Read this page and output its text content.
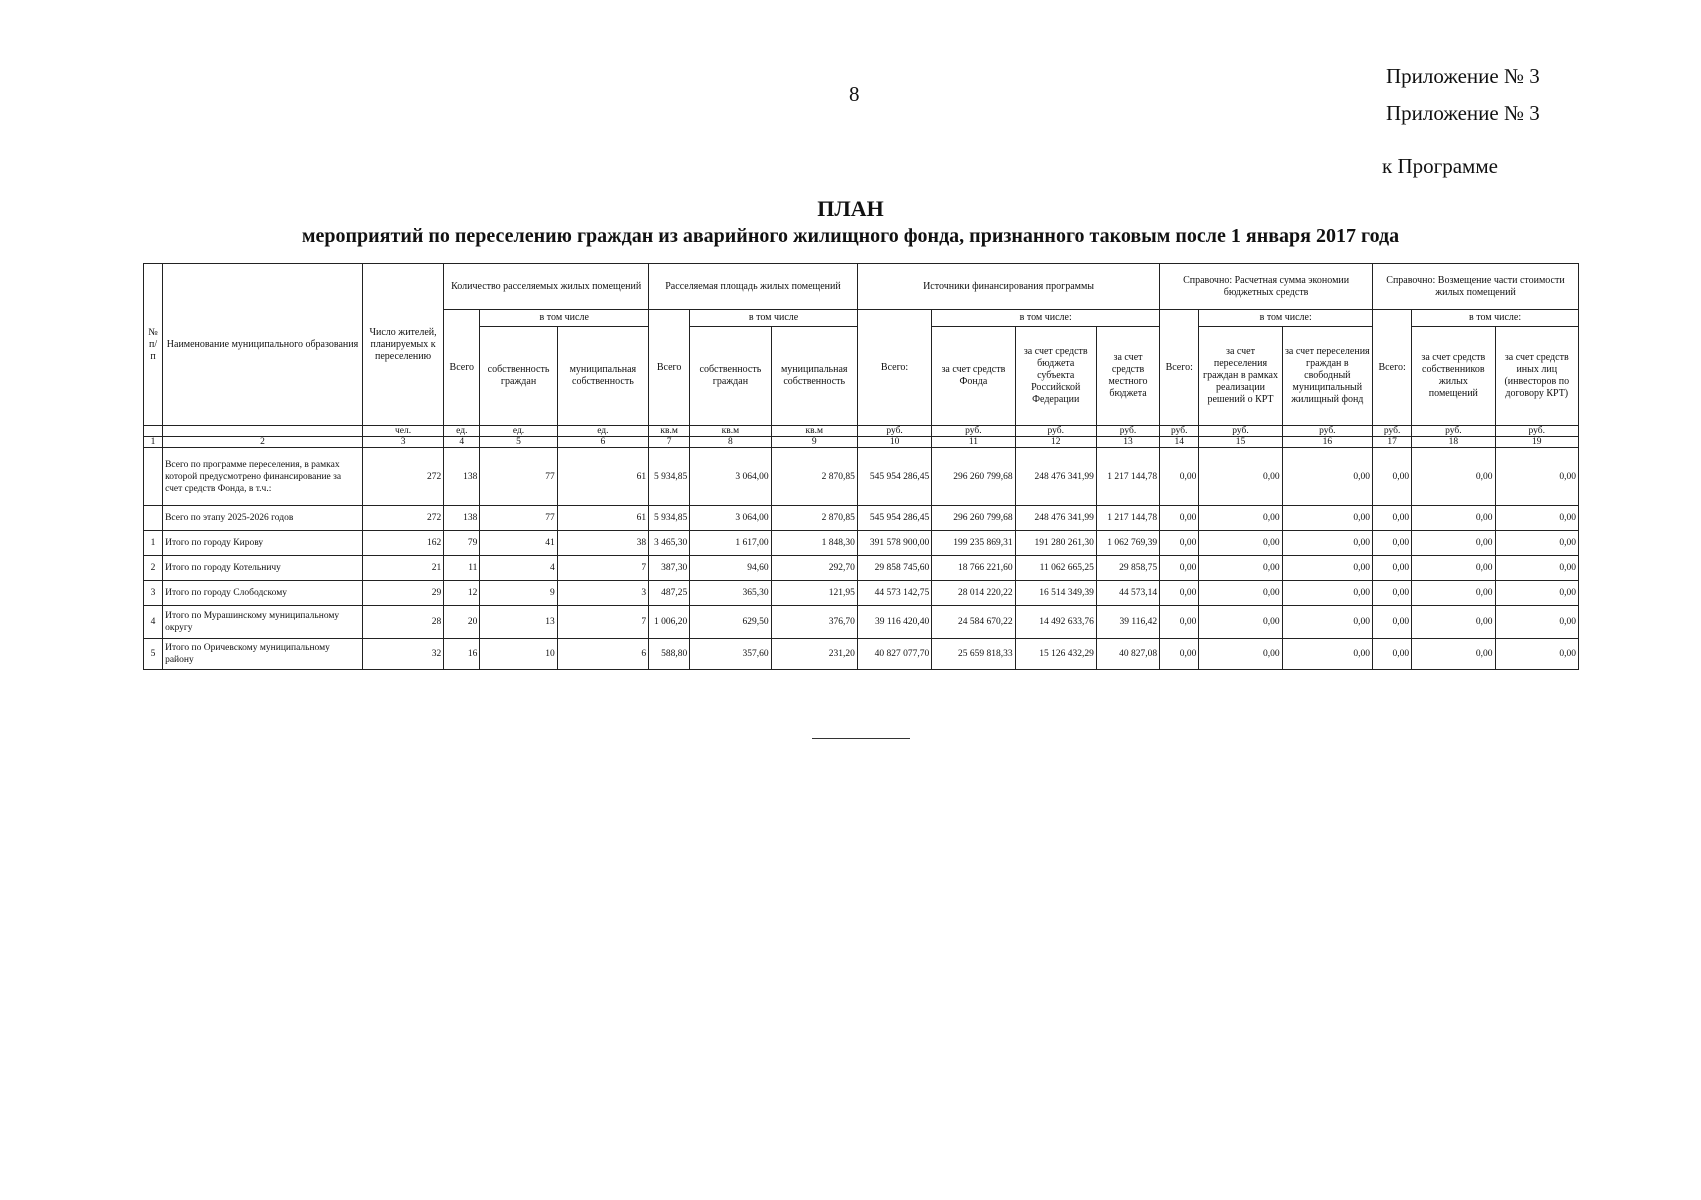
8
Приложение № 3
Приложение № 3
к Программе
ПЛАН
мероприятий по переселению граждан из аварийного жилищного фонда, признанного таковым после 1 января 2017 года
№ п/ п	Наименование муниципального образования	Число жителей, планируемых к переселению	Количество расселяемых жилых помещений			Расселяемая площадь жилых помещений			Источники финансирования программы				Справочно: Расчетная сумма экономии бюджетных средств			Справочно: Возмещение части стоимости жилых помещений		
			Всего	в том числе		Всего	в том числе		Всего:	в том числе:			Всего:	в том числе:		Всего:	в том числе:	
				собственность граждан	муниципальная собственность		собственность граждан	муниципальная собственность		за счет средств Фонда	за счет средств бюджета субъекта Российской Федерации	за счет средств местного бюджета		за счет переселения граждан в рамках реализации решений о КРТ	за счет переселения граждан в свободный муниципальный жилищный фонд		за счет средств собственников жилых помещений	за счет средств иных лиц (инвесторов по договору КРТ)
		чел.	ед.	ед.	ед.	кв.м	кв.м	кв.м	руб.	руб.	руб.	руб.	руб.	руб.	руб.	руб.	руб.	руб.
1	2	3	4	5	6	7	8	9	10	11	12	13	14	15	16	17	18	19
	Всего по программе переселения, в рамках которой предусмотрено финансирование за счет средств Фонда, в т.ч.:	272	138	77	61	5 934,85	3 064,00	2 870,85	545 954 286,45	296 260 799,68	248 476 341,99	1 217 144,78	0,00	0,00	0,00	0,00	0,00	0,00
	Всего по этапу 2025-2026 годов	272	138	77	61	5 934,85	3 064,00	2 870,85	545 954 286,45	296 260 799,68	248 476 341,99	1 217 144,78	0,00	0,00	0,00	0,00	0,00	0,00
1	Итого по городу Кирову	162	79	41	38	3 465,30	1 617,00	1 848,30	391 578 900,00	199 235 869,31	191 280 261,30	1 062 769,39	0,00	0,00	0,00	0,00	0,00	0,00
2	Итого по городу Котельничу	21	11	4	7	387,30	94,60	292,70	29 858 745,60	18 766 221,60	11 062 665,25	29 858,75	0,00	0,00	0,00	0,00	0,00	0,00
3	Итого по городу Слободскому	29	12	9	3	487,25	365,30	121,95	44 573 142,75	28 014 220,22	16 514 349,39	44 573,14	0,00	0,00	0,00	0,00	0,00	0,00
4	Итого по Мурашинскому муниципальному округу	28	20	13	7	1 006,20	629,50	376,70	39 116 420,40	24 584 670,22	14 492 633,76	39 116,42	0,00	0,00	0,00	0,00	0,00	0,00
5	Итого по Оричевскому муниципальному району	32	16	10	6	588,80	357,60	231,20	40 827 077,70	25 659 818,33	15 126 432,29	40 827,08	0,00	0,00	0,00	0,00	0,00	0,00
